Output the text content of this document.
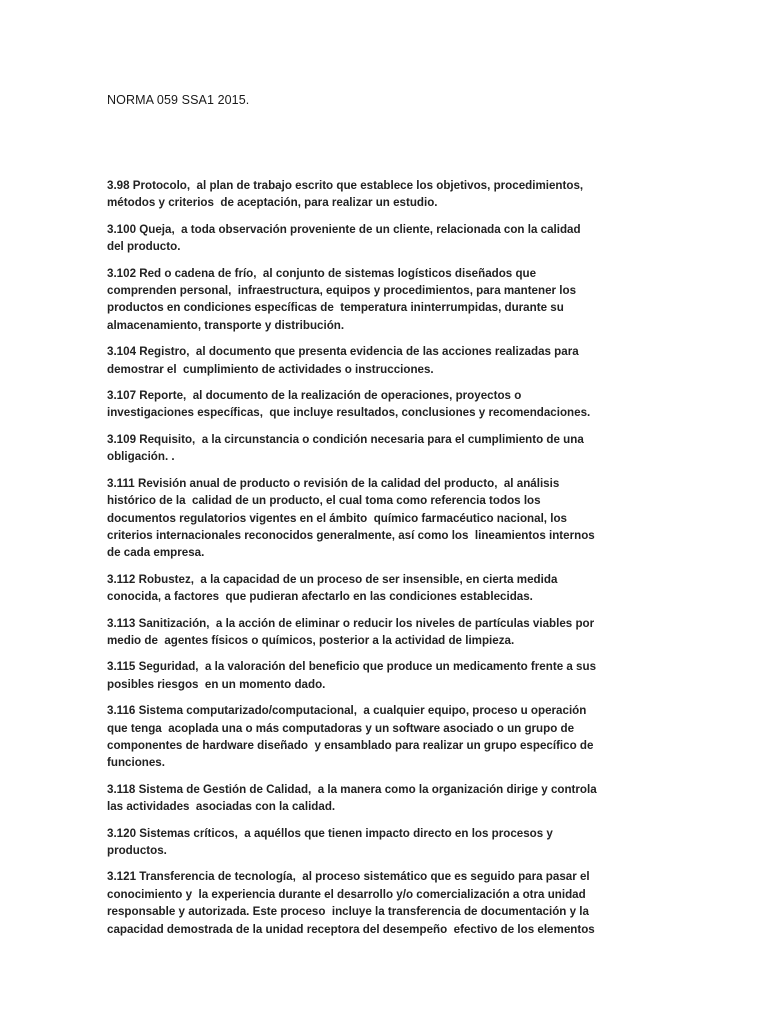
NORMA 059 SSA1 2015.

3.98 Protocolo,  al plan de trabajo escrito que establece los objetivos, procedimientos,
métodos y criterios  de aceptación, para realizar un estudio.

3.100 Queja,  a toda observación proveniente de un cliente, relacionada con la calidad
del producto.

3.102 Red o cadena de frío,  al conjunto de sistemas logísticos diseñados que
comprenden personal,  infraestructura, equipos y procedimientos, para mantener los
productos en condiciones específicas de  temperatura ininterrumpidas, durante su
almacenamiento, transporte y distribución.

3.104 Registro,  al documento que presenta evidencia de las acciones realizadas para
demostrar el  cumplimiento de actividades o instrucciones.

3.107 Reporte,  al documento de la realización de operaciones, proyectos o
investigaciones específicas,  que incluye resultados, conclusiones y recomendaciones.

3.109 Requisito,  a la circunstancia o condición necesaria para el cumplimiento de una
obligación. .

3.111 Revisión anual de producto o revisión de la calidad del producto,  al análisis
histórico de la  calidad de un producto, el cual toma como referencia todos los
documentos regulatorios vigentes en el ámbito  químico farmacéutico nacional, los
criterios internacionales reconocidos generalmente, así como los  lineamientos internos
de cada empresa.

3.112 Robustez,  a la capacidad de un proceso de ser insensible, en cierta medida
conocida, a factores  que pudieran afectarlo en las condiciones establecidas.

3.113 Sanitización,  a la acción de eliminar o reducir los niveles de partículas viables por
medio de  agentes físicos o químicos, posterior a la actividad de limpieza.

3.115 Seguridad,  a la valoración del beneficio que produce un medicamento frente a sus
posibles riesgos  en un momento dado.

3.116 Sistema computarizado/computacional,  a cualquier equipo, proceso u operación
que tenga  acoplada una o más computadoras y un software asociado o un grupo de
componentes de hardware diseñado  y ensamblado para realizar un grupo específico de
funciones.

3.118 Sistema de Gestión de Calidad,  a la manera como la organización dirige y controla
las actividades  asociadas con la calidad.

3.120 Sistemas críticos,  a aquéllos que tienen impacto directo en los procesos y
productos.

3.121 Transferencia de tecnología,  al proceso sistemático que es seguido para pasar el
conocimiento y  la experiencia durante el desarrollo y/o comercialización a otra unidad
responsable y autorizada. Este proceso  incluye la transferencia de documentación y la
capacidad demostrada de la unidad receptora del desempeño  efectivo de los elementos
